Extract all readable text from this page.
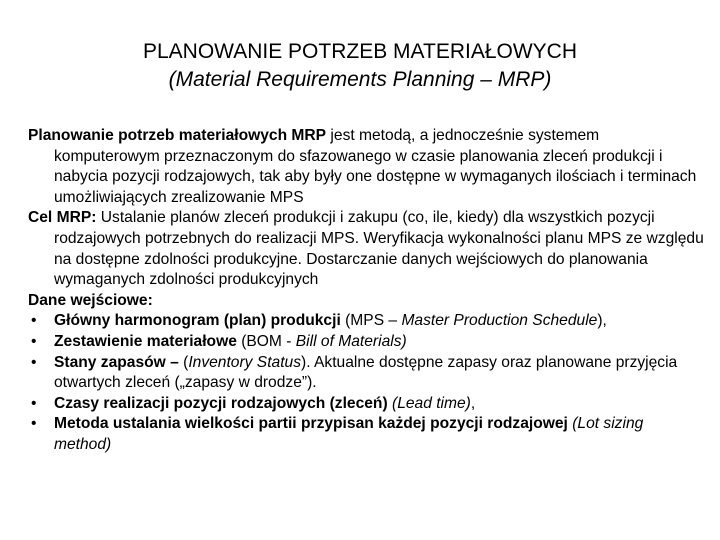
PLANOWANIE POTRZEB MATERIAŁOWYCH
(Material Requirements Planning – MRP)

Planowanie potrzeb materiałowych MRP jest metodą, a jednocześnie systemem komputerowym przeznaczonym do sfazowanego w czasie planowania zleceń produkcji i nabycia pozycji rodzajowych, tak aby były one dostępne w wymaganych ilościach i terminach umożliwiających zrealizowanie MPS

Cel MRP: Ustalanie planów zleceń produkcji i zakupu (co, ile, kiedy) dla wszystkich pozycji rodzajowych potrzebnych do realizacji MPS. Weryfikacja wykonalności planu MPS ze względu na dostępne zdolności produkcyjne. Dostarczanie danych wejściowych do planowania wymaganych zdolności produkcyjnych

Dane wejściowe:

• Główny harmonogram (plan) produkcji (MPS – Master Production Schedule),
• Zestawienie materiałowe (BOM - Bill of Materials)
• Stany zapasów – (Inventory Status). Aktualne dostępne zapasy oraz planowane przyjęcia otwartych zleceń („zapasy w drodze”).
• Czasy realizacji pozycji rodzajowych (zleceń) (Lead time),
• Metoda ustalania wielkości partii przypisan każdej pozycji rodzajowej (Lot sizing method)
